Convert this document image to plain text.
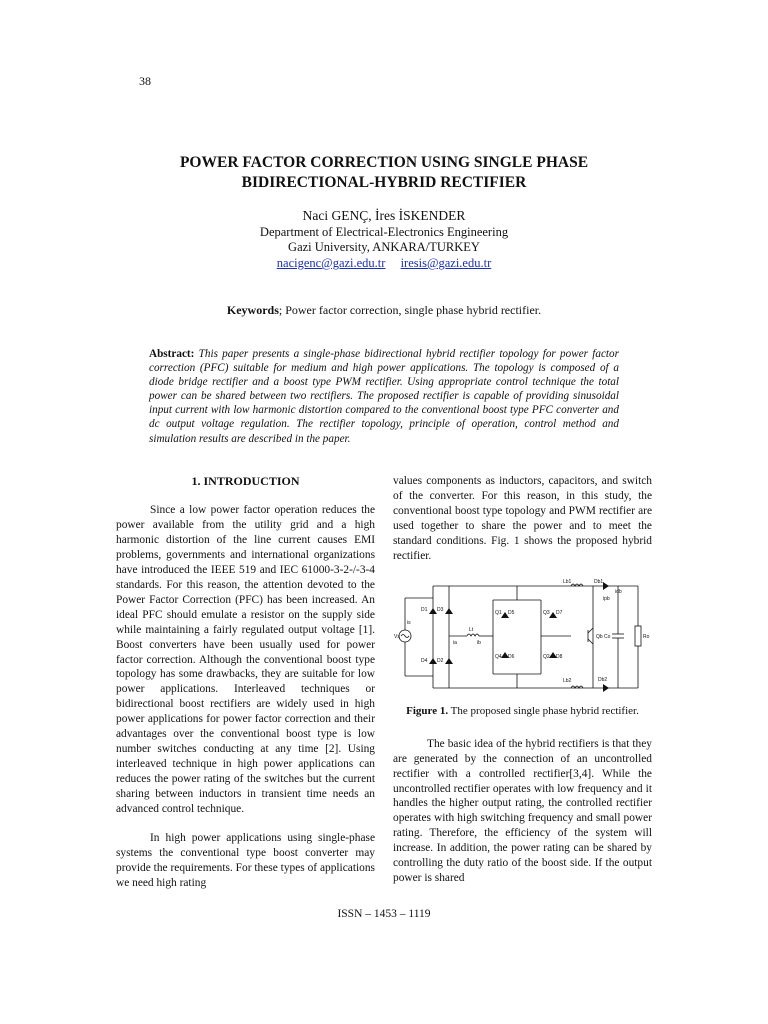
38
POWER FACTOR CORRECTION USING SINGLE PHASE
BIDIRECTIONAL-HYBRID RECTIFIER
Naci GENÇ, İres İSKENDER
Department of Electrical-Electronics Engineering
Gazi University, ANKARA/TURKEY
nacigenc@gazi.edu.tr iresis@gazi.edu.tr
Keywords; Power factor correction, single phase hybrid rectifier.

Abstract: This paper presents a single-phase bidirectional hybrid rectifier topology for power factor correction (PFC) suitable for medium and high power applications. The topology is composed of a diode bridge rectifier and a boost type PWM rectifier. Using appropriate control technique the total power can be shared between two rectifiers. The proposed rectifier is capable of providing sinusoidal input current with low harmonic distortion compared to the conventional boost type PFC converter and dc output voltage regulation. The rectifier topology, principle of operation, control method and simulation results are described in the paper.

1. INTRODUCTION

Since a low power factor operation reduces the power available from the utility grid and a high harmonic distortion of the line current causes EMI problems, governments and international organizations have introduced the IEEE 519 and IEC 61000-3-2-/-3-4 standards. For this reason, the attention devoted to the Power Factor Correction (PFC) has been increased. An ideal PFC should emulate a resistor on the supply side while maintaining a fairly regulated output voltage [1]. Boost converters have been usually used for power factor correction. Although the conventional boost type topology has some drawbacks, they are suitable for low power applications. Interleaved techniques or bidirectional boost rectifiers are widely used in high power applications for power factor correction and their advantages over the conventional boost type is low number switches conducting at any time [2]. Using interleaved technique in high power applications can reduces the power rating of the switches but the current sharing between inductors in transient time needs an advanced control technique.

In high power applications using single-phase systems the conventional type boost converter may provide the requirements. For these types of applications we need high rating

values components as inductors, capacitors, and switch of the converter. For this reason, in this study, the conventional boost type topology and PWM rectifier are used together to share the power and to meet the standard conditions. Fig. 1 shows the proposed hybrid rectifier.

Db1
Lb1
Lb2	Db2
D1 D3
D4 D2
Q1 D5	Q3 D7
Q4 D6	Q2 D8
Qb Co	Ro
Lt
Vs
is
ia	ib
ipb
idb
Figure 1. The proposed single phase hybrid rectifier.

The basic idea of the hybrid rectifiers is that they are generated by the connection of an uncontrolled rectifier with a controlled rectifier[3,4]. While the uncontrolled rectifier operates with low frequency and it handles the higher output rating, the controlled rectifier operates with high switching frequency and small power rating. Therefore, the efficiency of the system will increase. In addition, the power rating can be shared by controlling the duty ratio of the boost side. If the output power is shared

ISSN – 1453 – 1119
